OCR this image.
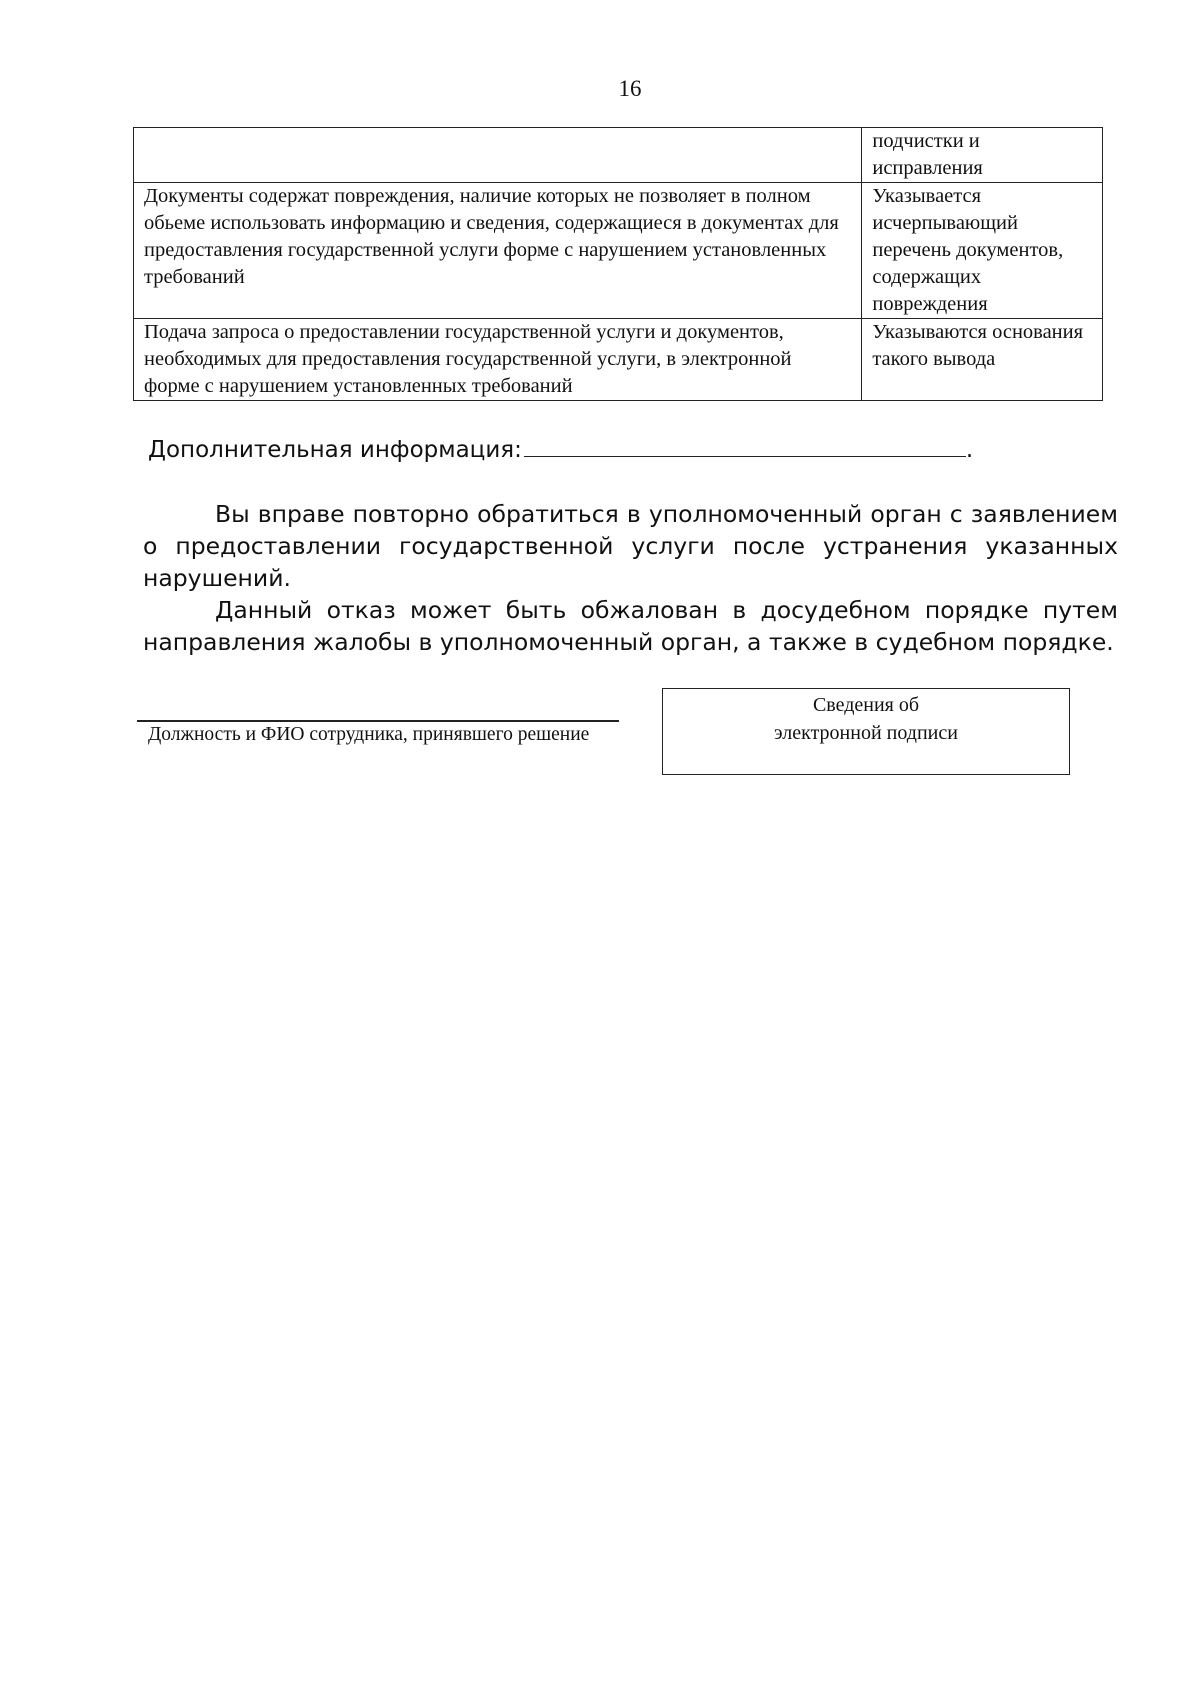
16

	подчистки и
исправления

Документы содержат повреждения, наличие которых не позволяет в полном обьеме использовать информацию и сведения, содержащиеся в документах для предоставления государственной услуги форме с нарушением установленных требований	Указывается исчерпывающий перечень документов, содержащих повреждения
Подача запроса о предоставлении государственной услуги и документов, необходимых для предоставления государственной услуги, в электронной форме с нарушением установленных требований	Указываются основания такого вывода
Дополнительная информация:	.

Вы вправе повторно обратиться в уполномоченный орган с заявлением о предоставлении государственной услуги после устранения указанных нарушений.

Данный отказ может быть обжалован в досудебном порядке путем направления жалобы в уполномоченный орган, а также в судебном порядке.

Должность и ФИО сотрудника, принявшего решение
Сведения об
электронной подписи
